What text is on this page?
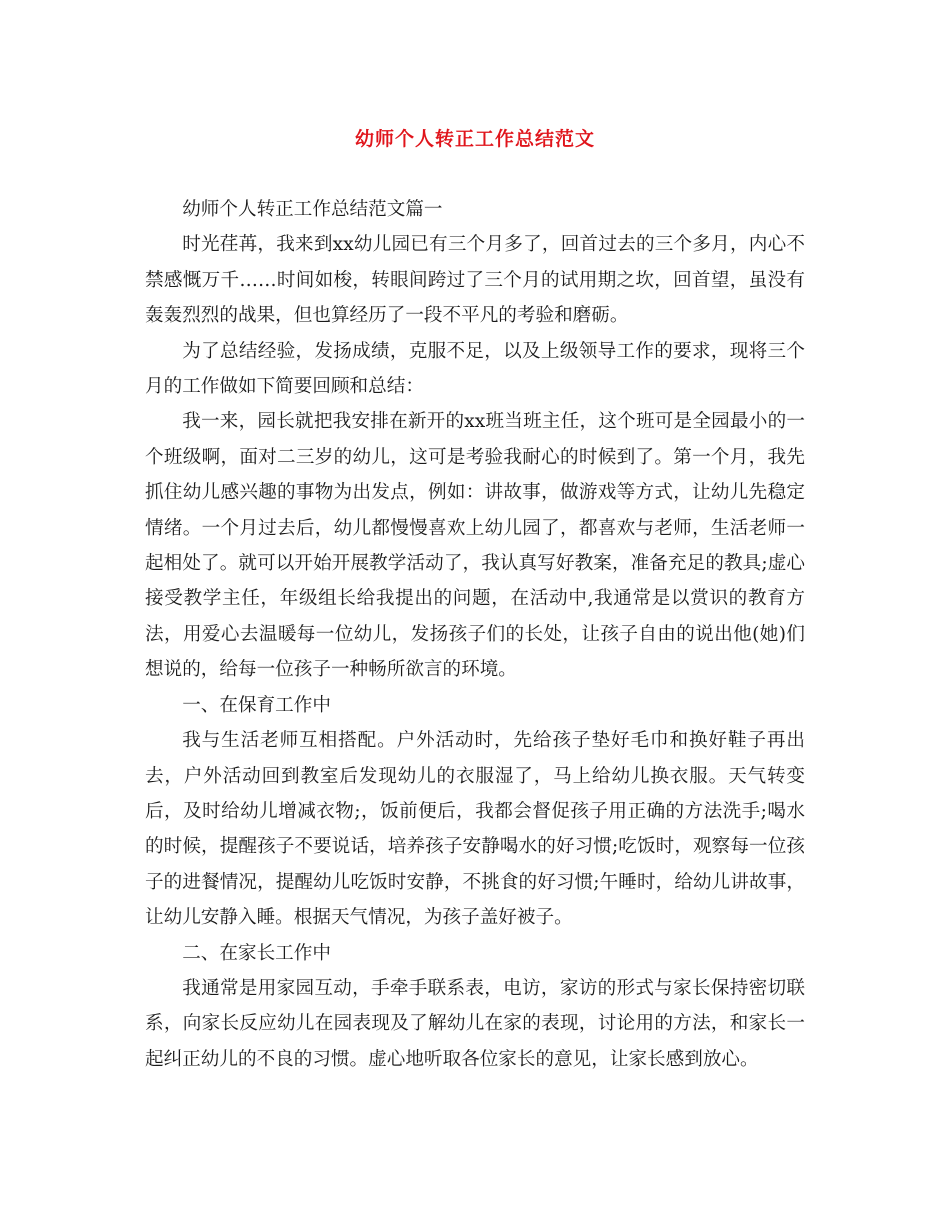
幼师个人转正工作总结范文

幼师个人转正工作总结范文篇一

时光荏苒，我来到xx幼儿园已有三个月多了，回首过去的三个多月，内心不禁感慨万千……时间如梭，转眼间跨过了三个月的试用期之坎，回首望，虽没有轰轰烈烈的战果，但也算经历了一段不平凡的考验和磨砺。

为了总结经验，发扬成绩，克服不足，以及上级领导工作的要求，现将三个月的工作做如下简要回顾和总结：

我一来，园长就把我安排在新开的xx班当班主任，这个班可是全园最小的一个班级啊，面对二三岁的幼儿，这可是考验我耐心的时候到了。第一个月，我先抓住幼儿感兴趣的事物为出发点，例如：讲故事，做游戏等方式，让幼儿先稳定情绪。一个月过去后，幼儿都慢慢喜欢上幼儿园了，都喜欢与老师，生活老师一起相处了。就可以开始开展教学活动了，我认真写好教案，准备充足的教具;虚心接受教学主任，年级组长给我提出的问题，在活动中,我通常是以赏识的教育方法，用爱心去温暖每一位幼儿，发扬孩子们的长处，让孩子自由的说出他(她)们想说的，给每一位孩子一种畅所欲言的环境。

一、在保育工作中

我与生活老师互相搭配。户外活动时，先给孩子垫好毛巾和换好鞋子再出去，户外活动回到教室后发现幼儿的衣服湿了，马上给幼儿换衣服。天气转变后，及时给幼儿增减衣物;，饭前便后，我都会督促孩子用正确的方法洗手;喝水的时候，提醒孩子不要说话，培养孩子安静喝水的好习惯;吃饭时，观察每一位孩子的进餐情况，提醒幼儿吃饭时安静，不挑食的好习惯;午睡时，给幼儿讲故事，让幼儿安静入睡。根据天气情况，为孩子盖好被子。

二、在家长工作中

我通常是用家园互动，手牵手联系表，电访，家访的形式与家长保持密切联系，向家长反应幼儿在园表现及了解幼儿在家的表现，讨论用的方法，和家长一起纠正幼儿的不良的习惯。虚心地听取各位家长的意见，让家长感到放心。
